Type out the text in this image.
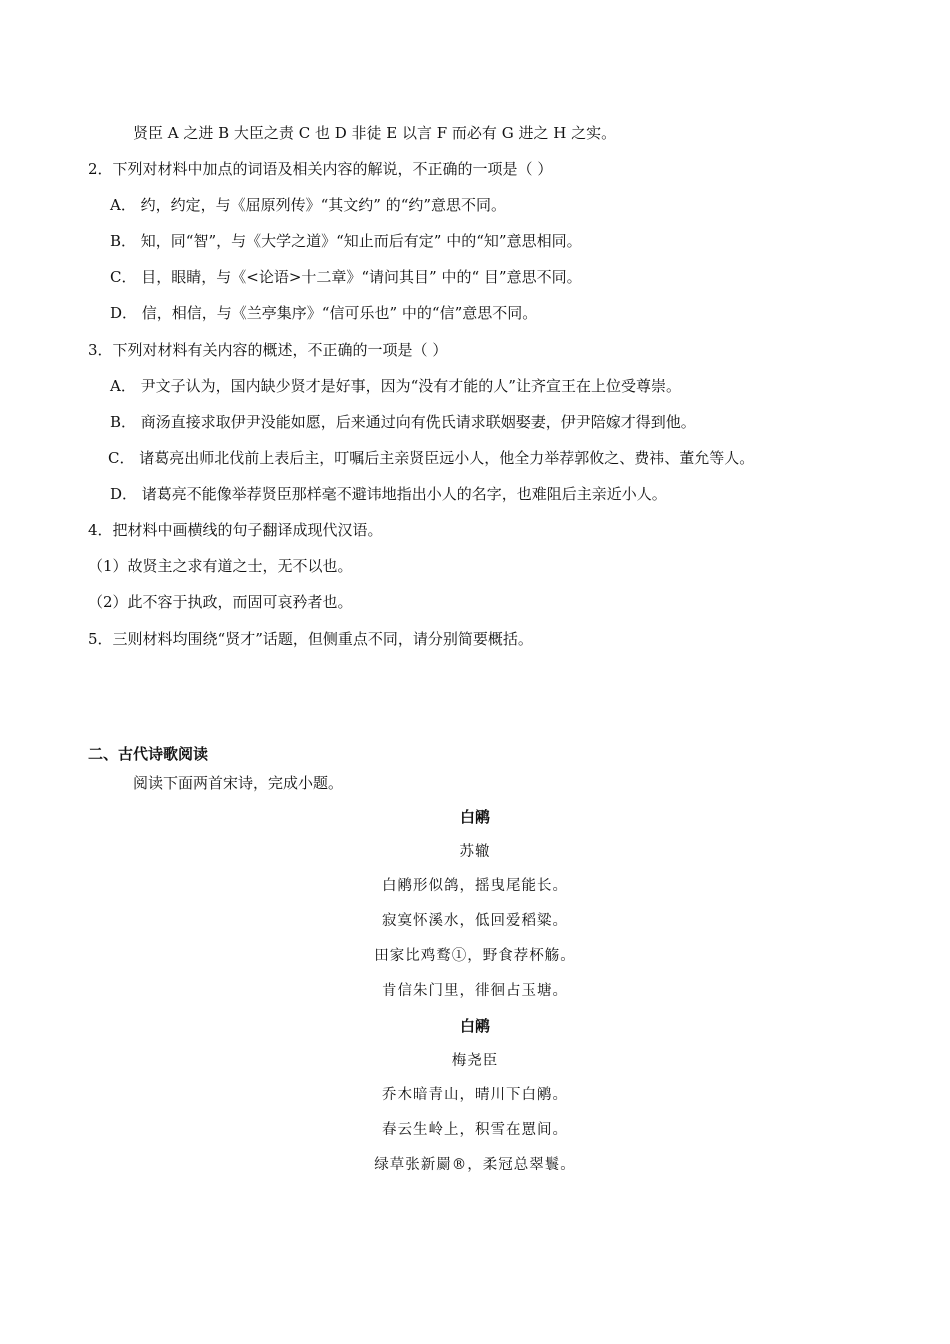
贤臣 A 之进 B 大臣之责 C 也 D 非徒 E 以言 F 而必有 G 进之 H 之实。
2．下列对材料中加点的词语及相关内容的解说，不正确的一项是（ ）
A． 约，约定，与《屈原列传》“其文约” 的“约”意思不同。
B． 知，同“智”，与《大学之道》“知止而后有定” 中的“知”意思相同。
C． 目，眼睛，与《<论语>十二章》“请问其目” 中的“ 目”意思不同。
D． 信，相信，与《兰亭集序》“信可乐也” 中的“信”意思不同。
3．下列对材料有关内容的概述，不正确的一项是（ ）
A． 尹文子认为，国内缺少贤才是好事，因为“没有才能的人”让齐宣王在上位受尊崇。
B． 商汤直接求取伊尹没能如愿，后来通过向有侁氏请求联姻娶妻，伊尹陪嫁才得到他。
C． 诸葛亮出师北伐前上表后主，叮嘱后主亲贤臣远小人，他全力举荐郭攸之、费祎、董允等人。
D． 诸葛亮不能像举荐贤臣那样毫不避讳地指出小人的名字，也难阻后主亲近小人。
4．把材料中画横线的句子翻译成现代汉语。
（1）故贤主之求有道之士，无不以也。
（2）此不容于执政，而固可哀矜者也。
5．三则材料均围绕“贤才”话题，但侧重点不同，请分别简要概括。
二、古代诗歌阅读
阅读下面两首宋诗，完成小题。
白鹇
苏辙
白鹇形似鸽，摇曳尾能长。
寂寞怀溪水，低回爱稻粱。
田家比鸡鹜①，野食荐杯觞。
肯信朱门里，徘徊占玉塘。
白鹇
梅尧臣
乔木暗青山，晴川下白鹇。
春云生岭上，积雪在罳间。
绿草张新罽®，柔冠总翠鬟。
